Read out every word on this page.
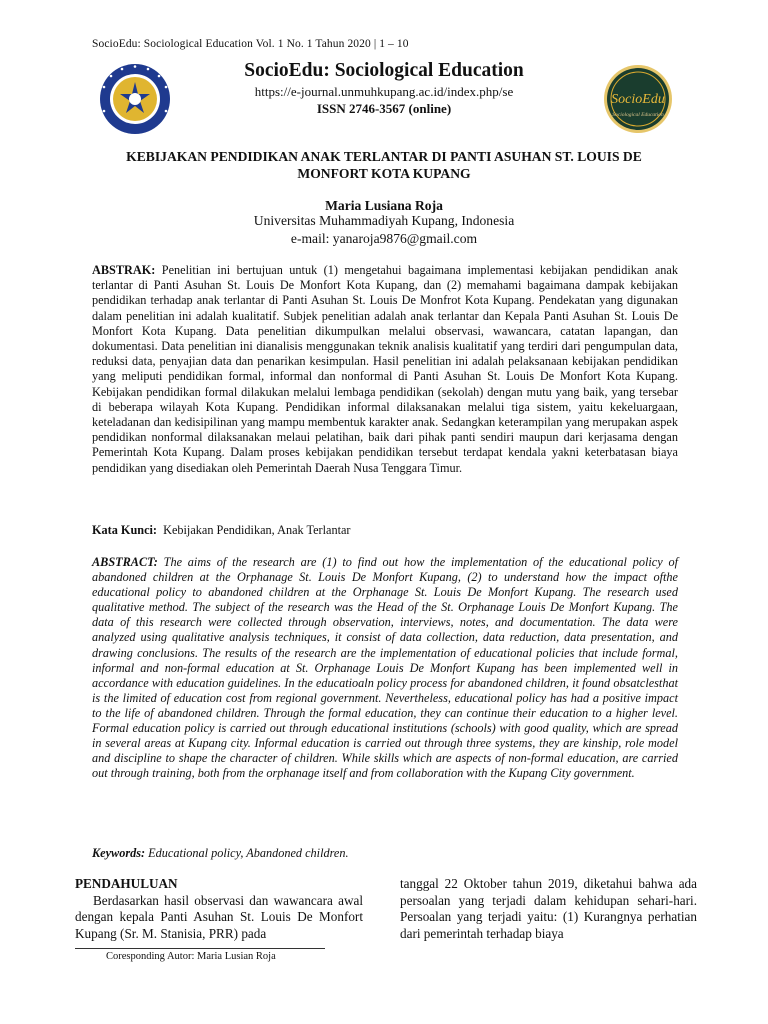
SocioEdu: Sociological Education Vol. 1 No. 1 Tahun 2020 | 1 – 10
SocioEdu: Sociological Education
https://e-journal.unmuhkupang.ac.id/index.php/se
ISSN 2746-3567 (online)
SocioEdu
Sociological Education
KEBIJAKAN PENDIDIKAN ANAK TERLANTAR DI PANTI ASUHAN ST. LOUIS DE MONFORT KOTA KUPANG
Maria Lusiana Roja
Universitas Muhammadiyah Kupang, Indonesia
e-mail: yanaroja9876@gmail.com

ABSTRAK: Penelitian ini bertujuan untuk (1) mengetahui bagaimana implementasi kebijakan pendidikan anak terlantar di Panti Asuhan St. Louis De Monfort Kota Kupang, dan (2) memahami bagaimana dampak kebijakan pendidikan terhadap anak terlantar di Panti Asuhan St. Louis De Monfrot Kota Kupang. Pendekatan yang digunakan dalam penelitian ini adalah kualitatif. Subjek penelitian adalah anak terlantar dan Kepala Panti Asuhan St. Louis De Monfort Kota Kupang. Data penelitian dikumpulkan melalui observasi, wawancara, catatan lapangan, dan dokumentasi. Data penelitian ini dianalisis menggunakan teknik analisis kualitatif yang terdiri dari pengumpulan data, reduksi data, penyajian data dan penarikan kesimpulan. Hasil penelitian ini adalah pelaksanaan kebijakan pendidikan yang meliputi pendidikan formal, informal dan nonformal di Panti Asuhan St. Louis De Monfort Kota Kupang. Kebijakan pendidikan formal dilakukan melalui lembaga pendidikan (sekolah) dengan mutu yang baik, yang tersebar di beberapa wilayah Kota Kupang. Pendidikan informal dilaksanakan melalui tiga sistem, yaitu kekeluargaan, keteladanan dan kedisipilinan yang mampu membentuk karakter anak. Sedangkan keterampilan yang merupakan aspek pendidikan nonformal dilaksanakan melaui pelatihan, baik dari pihak panti sendiri maupun dari kerjasama dengan Pemerintah Kota Kupang. Dalam proses kebijakan pendidikan tersebut terdapat kendala yakni keterbatasan biaya pendidikan yang disediakan oleh Pemerintah Daerah Nusa Tenggara Timur.

Kata Kunci: Kebijakan Pendidikan, Anak Terlantar

ABSTRACT: The aims of the research are (1) to find out how the implementation of the educational policy of abandoned children at the Orphanage St. Louis De Monfort Kupang, (2) to understand how the impact ofthe educational policy to abandoned children at the Orphanage St. Louis De Monfort Kupang. The research used qualitative method. The subject of the research was the Head of the St. Orphanage Louis De Monfort Kupang. The data of this research were collected through observation, interviews, notes, and documentation. The data were analyzed using qualitative analysis techniques, it consist of data collection, data reduction, data presentation, and drawing conclusions. The results of the research are the implementation of educational policies that include formal, informal and non-formal education at St. Orphanage Louis De Monfort Kupang has been implemented well in accordance with education guidelines. In the educatioaln policy process for abandoned children, it found obsatclesthat is the limited of education cost from regional government. Nevertheless, educational policy has had a positive impact to the life of abandoned children. Through the formal education, they can continue their education to a higher level. Formal education policy is carried out through educational institutions (schools) with good quality, which are spread in several areas at Kupang city. Informal education is carried out through three systems, they are kinship, role model and discipline to shape the character of children. While skills which are aspects of non-formal education, are carried out through training, both from the orphanage itself and from collaboration with the Kupang City government.

Keywords: Educational policy, Abandoned children.

PENDAHULUAN

Berdasarkan hasil observasi dan wawancara awal dengan kepala Panti Asuhan St. Louis De Monfort Kupang (Sr. M. Stanisia, PRR) pada

tanggal 22 Oktober tahun 2019, diketahui bahwa ada persoalan yang terjadi dalam kehidupan sehari-hari. Persoalan yang terjadi yaitu: (1) Kurangnya perhatian dari pemerintah terhadap biaya

Coresponding Autor: Maria Lusian Roja
